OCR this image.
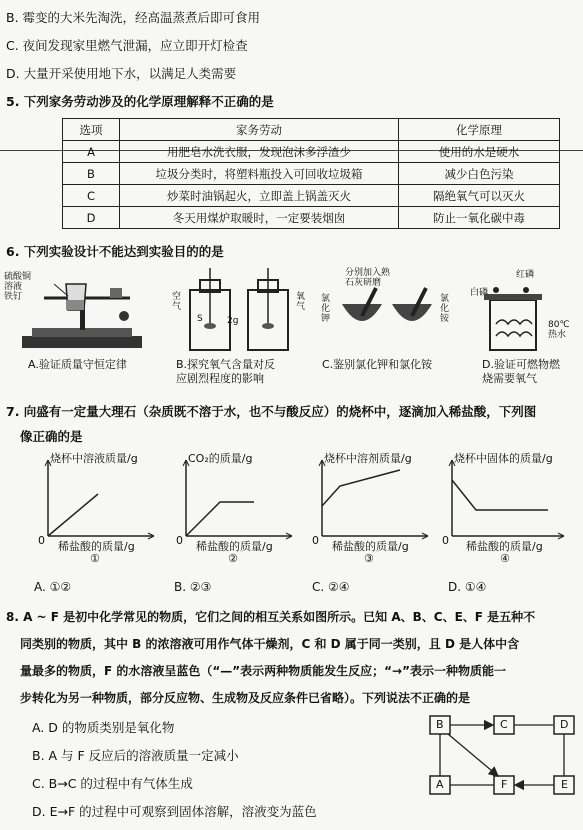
B. 霉变的大米先淘洗，经高温蒸煮后即可食用
C. 夜间发现家里燃气泄漏，应立即开灯检查
D. 大量开采使用地下水，以满足人类需要
5. 下列家务劳动涉及的化学原理解释不正确的是
选项	家务劳动	化学原理
A	用肥皂水洗衣服，发现泡沫多浮渣少	使用的水是硬水
B	垃圾分类时，将塑料瓶投入可回收垃圾箱	减少白色污染
C	炒菜时油锅起火，立即盖上锅盖灭火	隔绝氧气可以灭火
D	冬天用煤炉取暖时，一定要装烟囱	防止一氧化碳中毒
6. 下列实验设计不能达到实验目的的是
硫酸铜
溶液
铁钉	空
气
氧
气
S	2g
分别加入熟
石灰研磨
氯
化
钾
氯
化
铵
红磷
白磷
80℃
热水
A.验证质量守恒定律	B.探究氧气含量对反
应剧烈程度的影响
C.鉴别氯化钾和氯化铵	D.验证可燃物燃
烧需要氧气
7. 向盛有一定量大理石（杂质既不溶于水，也不与酸反应）的烧杯中，逐滴加入稀盐酸，下列图
像正确的是
烧杯中溶液质量/g
0 稀盐酸的质量/g
①
CO₂的质量/g
0 稀盐酸的质量/g
②
烧杯中溶剂质量/g
0 稀盐酸的质量/g
③
烧杯中固体的质量/g
0 稀盐酸的质量/g
④
A. ①②	B. ②③	C. ②④	D. ①④
8. A ~ F 是初中化学常见的物质，它们之间的相互关系如图所示。已知 A、B、C、E、F 是五种不
同类别的物质，其中 B 的浓溶液可用作气体干燥剂，C 和 D 属于同一类别，且 D 是人体中含
量最多的物质，F 的水溶液呈蓝色（“—”表示两种物质能发生反应；“→”表示一种物质能一
步转化为另一种物质，部分反应物、生成物及反应条件已省略）。下列说法不正确的是
A. D 的物质类别是氧化物
B. A 与 F 反应后的溶液质量一定减小
C. B→C 的过程中有气体生成
D. E→F 的过程中可观察到固体溶解，溶液变为蓝色
B	C	D
A	F	E
